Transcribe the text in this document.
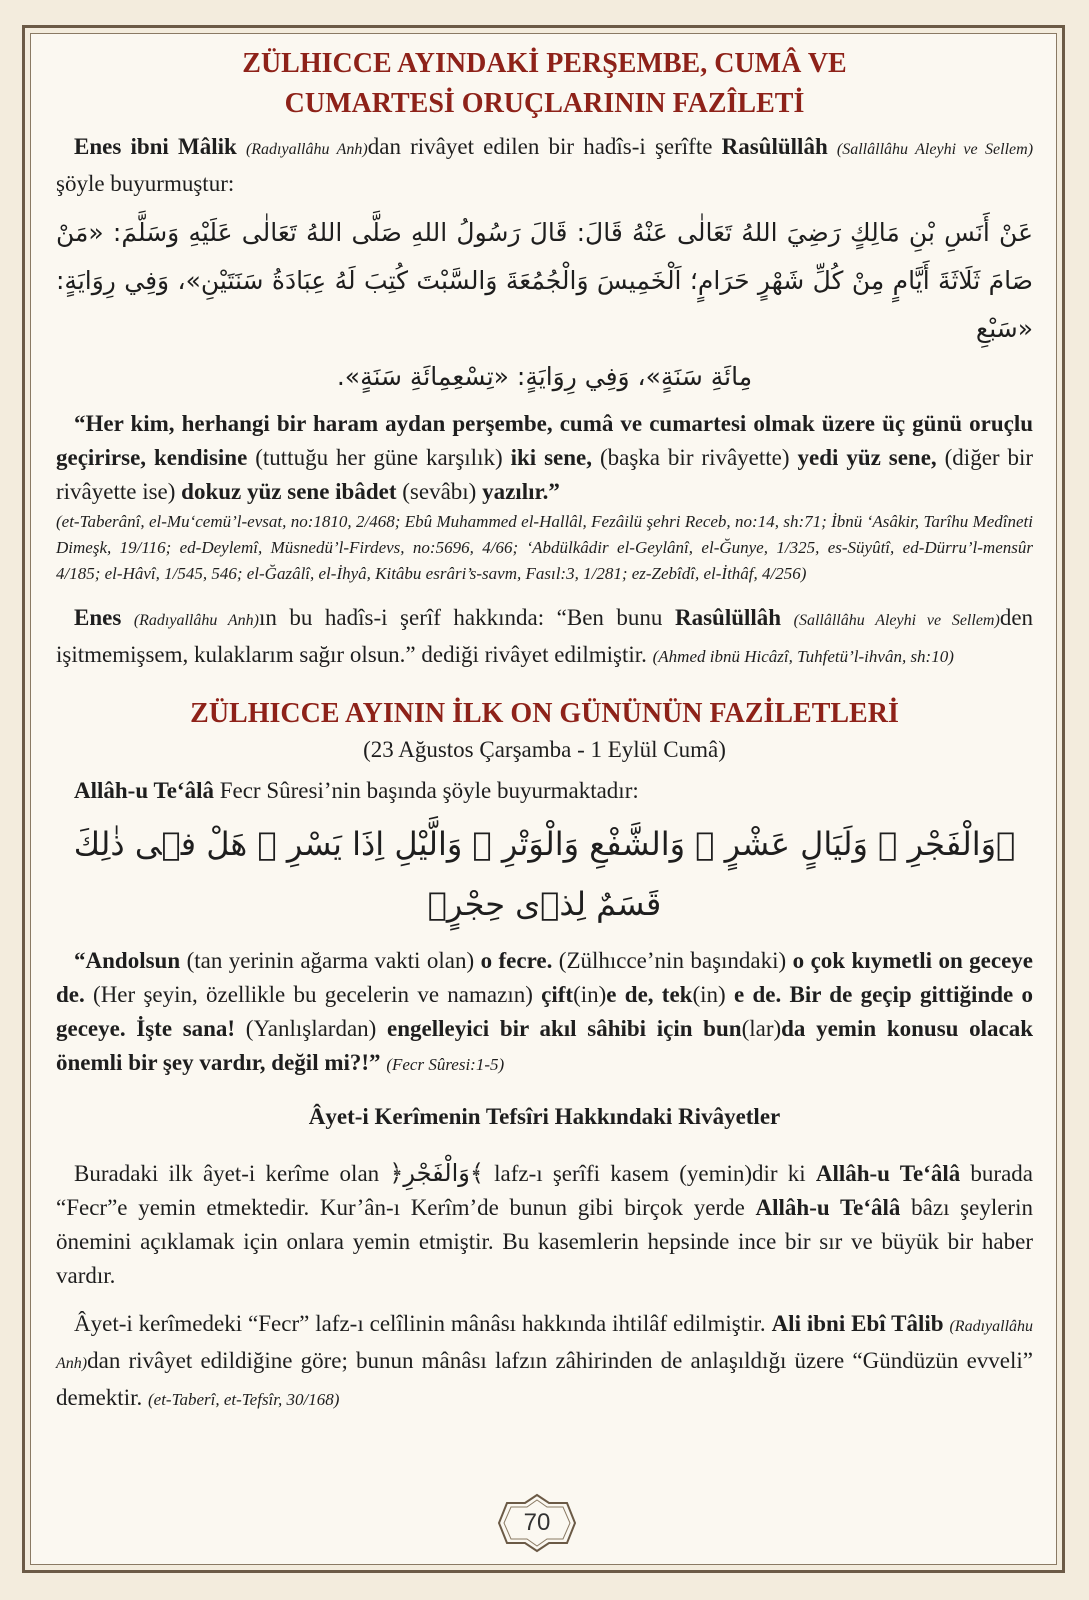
ZÜLHICCE AYINDAKİ PERŞEMBE, CUMÂ VE
CUMARTESİ ORUÇLARININ FAZÎLETİ

Enes ibni Mâlik (Radıyallâhu Anh)dan rivâyet edilen bir hadîs-i şerîfte Rasûlüllâh (Sallâllâhu Aleyhi ve Sellem) şöyle buyurmuştur:

عَنْ أَنَسِ بْنِ مَالِكٍ رَضِيَ اللهُ تَعَالٰى عَنْهُ قَالَ: قَالَ رَسُولُ اللهِ صَلَّى اللهُ تَعَالٰى عَلَيْهِ وَسَلَّمَ: «مَنْ صَامَ ثَلَاثَةَ أَيَّامٍ مِنْ كُلِّ شَهْرٍ حَرَامٍ؛ اَلْخَمِيسَ وَالْجُمُعَةَ وَالسَّبْتَ كُتِبَ لَهُ عِبَادَةُ سَنَتَيْنِ»، وَفِي رِوَايَةٍ: «سَبْعِ
مِائَةِ سَنَةٍ»، وَفِي رِوَايَةٍ: «تِسْعِمِائَةِ سَنَةٍ».

“Her kim, herhangi bir haram aydan perşembe, cumâ ve cumartesi olmak üzere üç günü oruçlu geçirirse, kendisine (tuttuğu her güne karşılık) iki sene, (başka bir rivâyette) yedi yüz sene, (diğer bir rivâyette ise) dokuz yüz sene ibâdet (sevâbı) yazılır.”

(et-Taberânî, el-Mu‘cemü’l-evsat, no:1810, 2/468; Ebû Muhammed el-Hallâl, Fezâilü şehri Receb, no:14, sh:71; İbnü ‘Asâkir, Tarîhu Medîneti Dimeşk, 19/116; ed-Deylemî, Müsnedü’l-Firdevs, no:5696, 4/66; ‘Abdülkâdir el-Geylânî, el-Ğunye, 1/325, es-Süyûtî, ed-Dürru’l-mensûr 4/185; el-Hâvî, 1/545, 546; el-Ğazâlî, el-İhyâ, Kitâbu esrâri’s-savm, Fasıl:3, 1/281; ez-Zebîdî, el-İthâf, 4/256)

Enes (Radıyallâhu Anh)ın bu hadîs-i şerîf hakkında: “Ben bunu Rasûlüllâh (Sallâllâhu Aleyhi ve Sellem)den işitmemişsem, kulaklarım sağır olsun.” dediği rivâyet edilmiştir. (Ahmed ibnü Hicâzî, Tuhfetü’l-ihvân, sh:10)

ZÜLHICCE AYININ İLK ON GÜNÜNÜN FAZİLETLERİ

(23 Ağustos Çarşamba - 1 Eylül Cumâ)

Allâh-u Te‘âlâ Fecr Sûresi’nin başında şöyle buyurmaktadır:

﴿وَالْفَجْرِ ۞ وَلَيَالٍ عَشْرٍ ۞ وَالشَّفْعِ وَالْوَتْرِ ۞ وَالَّيْلِ اِذَا يَسْرِ ۞ هَلْ فٖى ذٰلِكَ
قَسَمٌ لِذٖى حِجْرٍ﴾

“Andolsun (tan yerinin ağarma vakti olan) o fecre. (Zülhıcce’nin başındaki) o çok kıymetli on geceye de. (Her şeyin, özellikle bu gecelerin ve namazın) çift(in)e de, tek(in) e de. Bir de geçip gittiğinde o geceye. İşte sana! (Yanlışlardan) engelleyici bir akıl sâhibi için bun(lar)da yemin konusu olacak önemli bir şey vardır, değil mi?!” (Fecr Sûresi:1-5)

Âyet-i Kerîmenin Tefsîri Hakkındaki Rivâyetler

Buradaki ilk âyet-i kerîme olan ﴿وَالْفَجْرِ﴾ lafz-ı şerîfi kasem (yemin)dir ki Allâh-u Te‘âlâ burada “Fecr”e yemin etmektedir. Kur’ân-ı Kerîm’de bunun gibi birçok yerde Allâh-u Te‘âlâ bâzı şeylerin önemini açıklamak için onlara yemin etmiştir. Bu kasemlerin hepsinde ince bir sır ve büyük bir haber vardır.

Âyet-i kerîmedeki “Fecr” lafz-ı celîlinin mânâsı hakkında ihtilâf edilmiştir. Ali ibni Ebî Tâlib (Radıyallâhu Anh)dan rivâyet edildiğine göre; bunun mânâsı lafzın zâhirinden de anlaşıldığı üzere “Gündüzün evveli” demektir. (et-Taberî, et-Tefsîr, 30/168)

70
